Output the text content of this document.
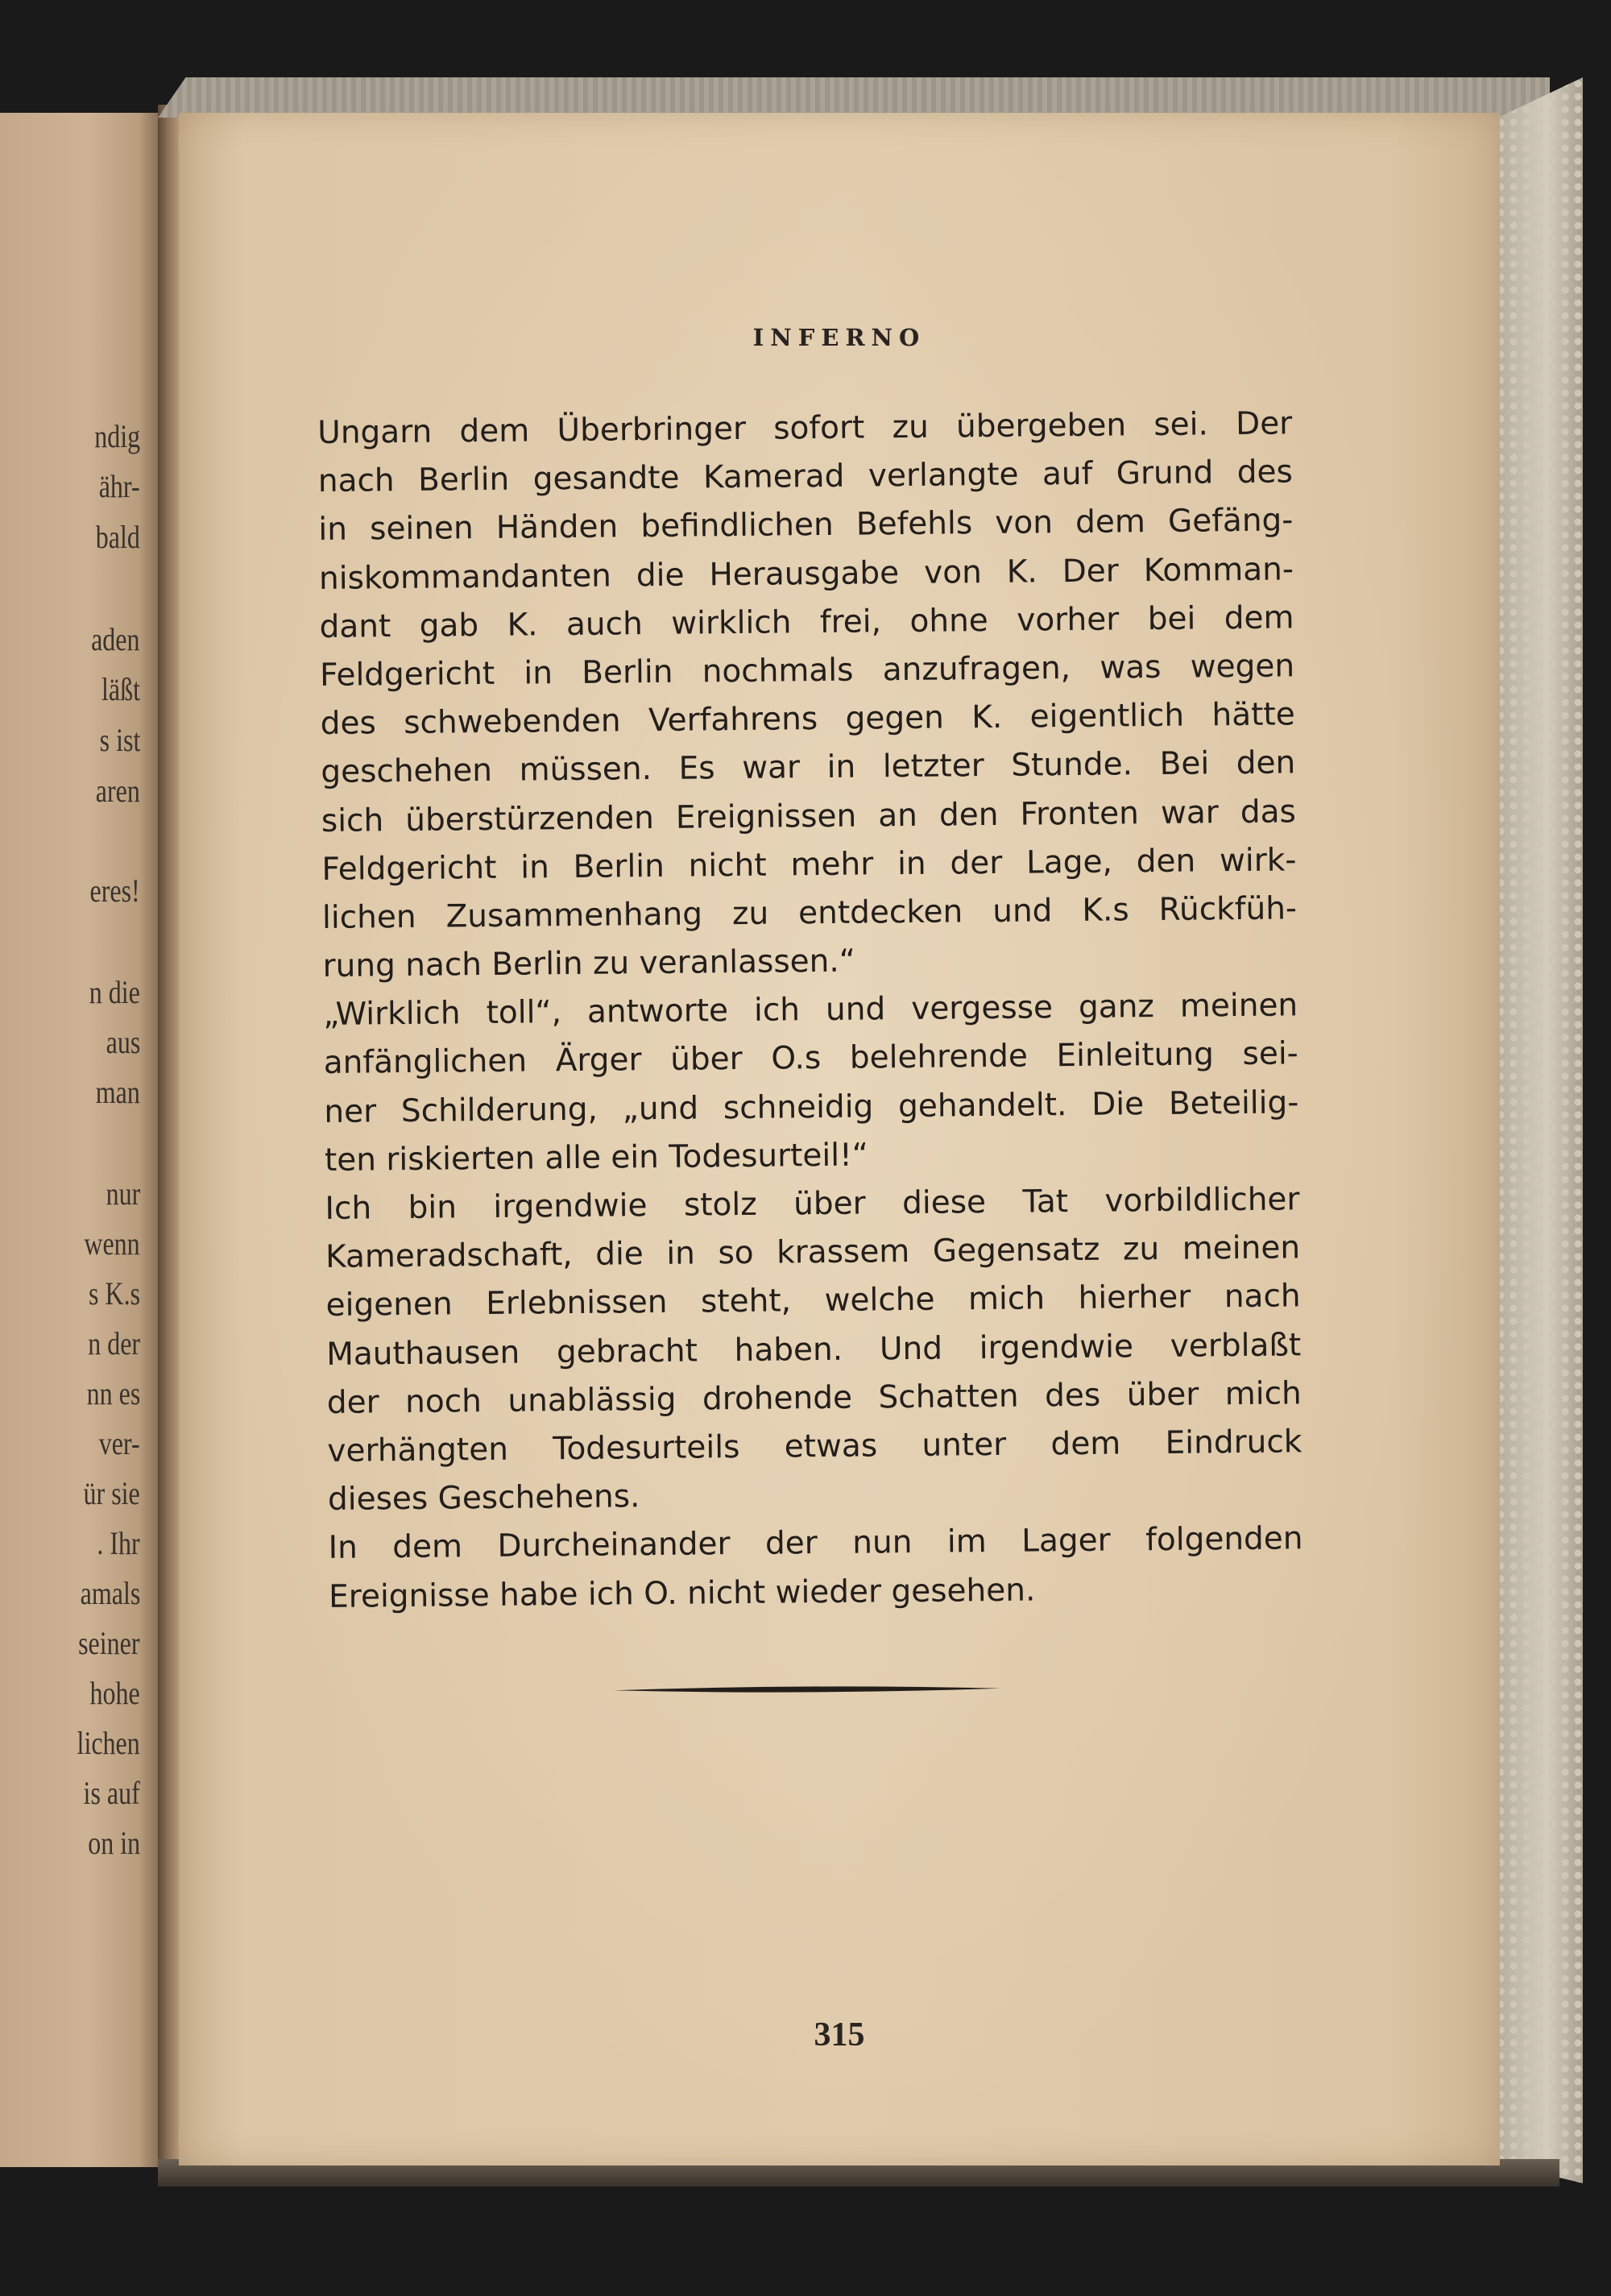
ndig
ähr-
bald
aden
läßt
s ist
aren
eres!
n die
aus
man
nur
wenn
s K.s
n der
nn es
ver-
ür sie
. Ihr
amals
seiner
hohe
lichen
is auf
on in
INFERNO
Ungarn dem Überbringer sofort zu übergeben sei. Der
nach Berlin gesandte Kamerad verlangte auf Grund des
in seinen Händen befindlichen Befehls von dem Gefäng-
niskommandanten die Herausgabe von K. Der Komman-
dant gab K. auch wirklich frei, ohne vorher bei dem
Feldgericht in Berlin nochmals anzufragen, was wegen
des schwebenden Verfahrens gegen K. eigentlich hätte
geschehen müssen. Es war in letzter Stunde. Bei den
sich überstürzenden Ereignissen an den Fronten war das
Feldgericht in Berlin nicht mehr in der Lage, den wirk-
lichen Zusammenhang zu entdecken und K.s Rückfüh-
rung nach Berlin zu veranlassen.“
„Wirklich toll“, antworte ich und vergesse ganz meinen
anfänglichen Ärger über O.s belehrende Einleitung sei-
ner Schilderung, „und schneidig gehandelt. Die Beteilig-
ten riskierten alle ein Todesurteil!“
Ich bin irgendwie stolz über diese Tat vorbildlicher
Kameradschaft, die in so krassem Gegensatz zu meinen
eigenen Erlebnissen steht, welche mich hierher nach
Mauthausen gebracht haben. Und irgendwie verblaßt
der noch unablässig drohende Schatten des über mich
verhängten Todesurteils etwas unter dem Eindruck
dieses Geschehens.
In dem Durcheinander der nun im Lager folgenden
Ereignisse habe ich O. nicht wieder gesehen.
315
